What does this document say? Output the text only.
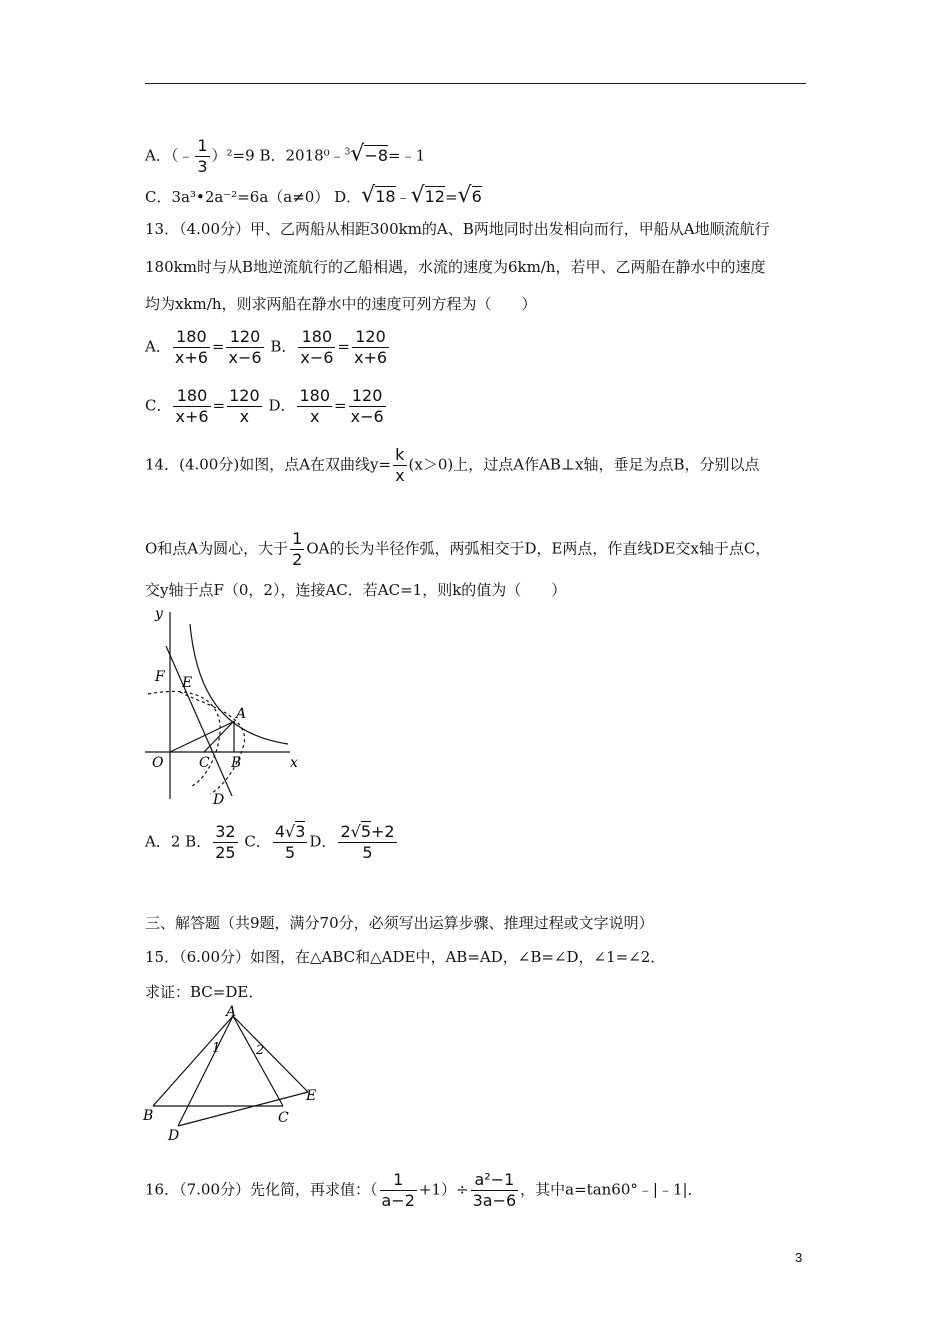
A．（﹣ $\frac{1}{3} )^2=9$ B．2018⁰﹣$^3$√−8=﹣1
C．3a³•2a⁻²=6a（a≠0） D．√18﹣√12=√6
13．（4.00分）甲、乙两船从相距300km的A、B两地同时出发相向而行，甲船从A地顺流航行
180km时与从B地逆流航行的乙船相遇，水流的速度为6km/h，若甲、乙两船在静水中的速度
均为xkm/h，则求两船在静水中的速度可列方程为（　　）
A． $\frac{180}{x+6} = \frac{120}{x-6}$ B． $\frac{180}{x-6} = \frac{120}{x+6}$
C． $\frac{180}{x+6} = \frac{120}{x}$ D． $\frac{180}{x} = \frac{120}{x-6}$
14．(4.00分)如图，点A在双曲线$y= \frac{k}{x} (x>0)$上，过点A作AB⊥x轴，垂足为点B，分别以点
O和点A为圆心，大于 $\frac{1}{2}$ OA的长为半径作弧，两弧相交于D，E两点，作直线DE交x轴于点C，
交y轴于点F（0，2），连接AC．若AC=1，则k的值为（　　）
y
x
F E
A
O	C B
D
A．2 B． $\frac{32}{25}$ C． $\frac{4√3}{5}$ D． $\frac{2√5+2}{5}$
三、解答题（共9题，满分70分，必须写出运算步骤、推理过程或文字说明）
15．（6.00分）如图，在△ABC和△ADE中，AB=AD，∠B=∠D，∠1=∠2．
求证：BC=DE．
A
1	2
B	C
D
E
16．（7.00分）先化简，再求值：（ $\frac{1}{a-2} +1)\div \frac{\text{a²−1}}{3a-6}$ ，其中a=tan60°﹣|﹣1|．
3
